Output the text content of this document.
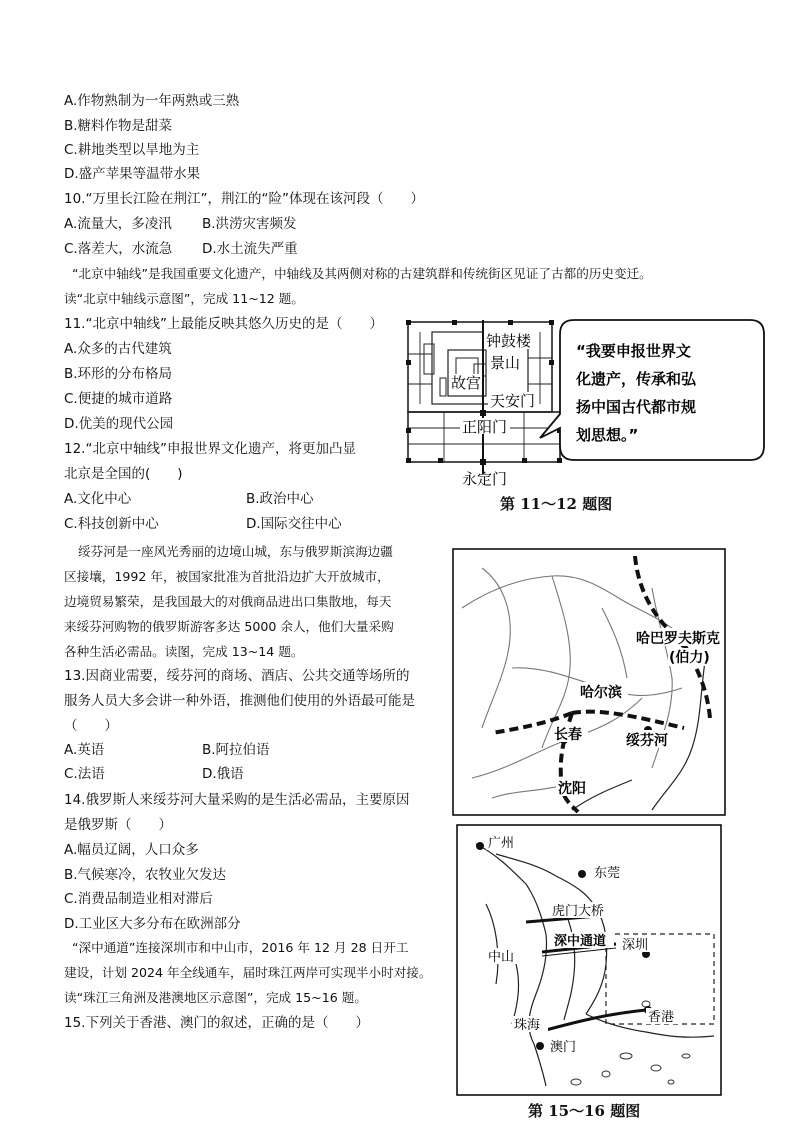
A.作物熟制为一年两熟或三熟
B.糖料作物是甜菜
C.耕地类型以旱地为主
D.盛产苹果等温带水果
10.“万里长江险在荆江”，荆江的“险”体现在该河段（　　）
A.流量大，多凌汛 B.洪涝灾害频发
C.落差大，水流急 D.水土流失严重
“北京中轴线”是我国重要文化遗产，中轴线及其两侧对称的古建筑群和传统街区见证了古都的历史变迁。
读“北京中轴线示意图”，完成 11~12 题。
11.“北京中轴线”上最能反映其悠久历史的是（　　）
A.众多的古代建筑
B.环形的分布格局
C.便捷的城市道路
D.优美的现代公园
12.“北京中轴线”申报世界文化遗产，将更加凸显
北京是全国的(　　)
A.文化中心	B.政治中心
C.科技创新中心	D.国际交往中心
钟鼓楼
景山
故宫
天安门
正阳门
永定门
“我要申报世界文
化遗产，传承和弘
扬中国古代都市规
划思想。”
第 11～12 题图
绥芬河是一座风光秀丽的边境山城，东与俄罗斯滨海边疆
区接壤，1992 年，被国家批准为首批沿边扩大开放城市，
边境贸易繁荣，是我国最大的对俄商品进出口集散地，每天
来绥芬河购物的俄罗斯游客多达 5000 余人，他们大量采购
各种生活必需品。读图，完成 13~14 题。
13.因商业需要，绥芬河的商场、酒店、公共交通等场所的
服务人员大多会讲一种外语，推测他们使用的外语最可能是
（　　）
A.英语	B.阿拉伯语
C.法语	D.俄语
哈巴罗夫斯克
(伯力)
哈尔滨
长春	绥芬河
沈阳
14.俄罗斯人来绥芬河大量采购的是生活必需品，主要原因
是俄罗斯（　　）
A.幅员辽阔，人口众多
B.气候寒冷，农牧业欠发达
C.消费品制造业相对滞后
D.工业区大多分布在欧洲部分
“深中通道”连接深圳市和中山市，2016 年 12 月 28 日开工
建设，计划 2024 年全线通车，届时珠江两岸可实现半小时对接。
读“珠江三角洲及港澳地区示意图”，完成 15~16 题。
15.下列关于香港、澳门的叙述，正确的是（　　）
广州
东莞
虎门大桥
深中通道 深圳
中山
珠海
香港
澳门
第 15～16 题图
